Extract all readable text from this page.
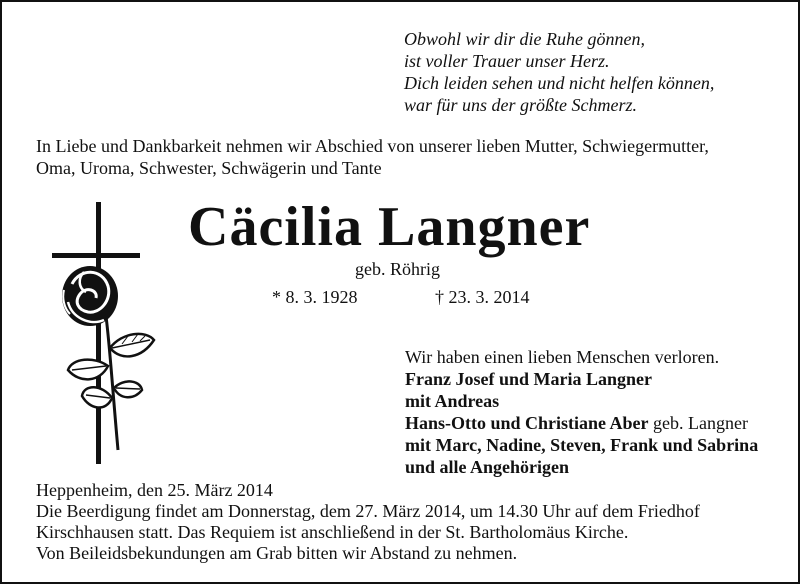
Obwohl wir dir die Ruhe gönnen,
ist voller Trauer unser Herz.
Dich leiden sehen und nicht helfen können,
war für uns der größte Schmerz.
In Liebe und Dankbarkeit nehmen wir Abschied von unserer lieben Mutter, Schwiegermutter,
Oma, Uroma, Schwester, Schwägerin und Tante
Cäcilia Langner
geb. Röhrig
* 8. 3. 1928	† 23. 3. 2014
Wir haben einen lieben Menschen verloren.
Franz Josef und Maria Langner
mit Andreas
Hans-Otto und Christiane Aber geb. Langner
mit Marc, Nadine, Steven, Frank und Sabrina
und alle Angehörigen
Heppenheim, den 25. März 2014
Die Beerdigung findet am Donnerstag, dem 27. März 2014, um 14.30 Uhr auf dem Friedhof
Kirschhausen statt. Das Requiem ist anschließend in der St. Bartholomäus Kirche.
Von Beileidsbekundungen am Grab bitten wir Abstand zu nehmen.
